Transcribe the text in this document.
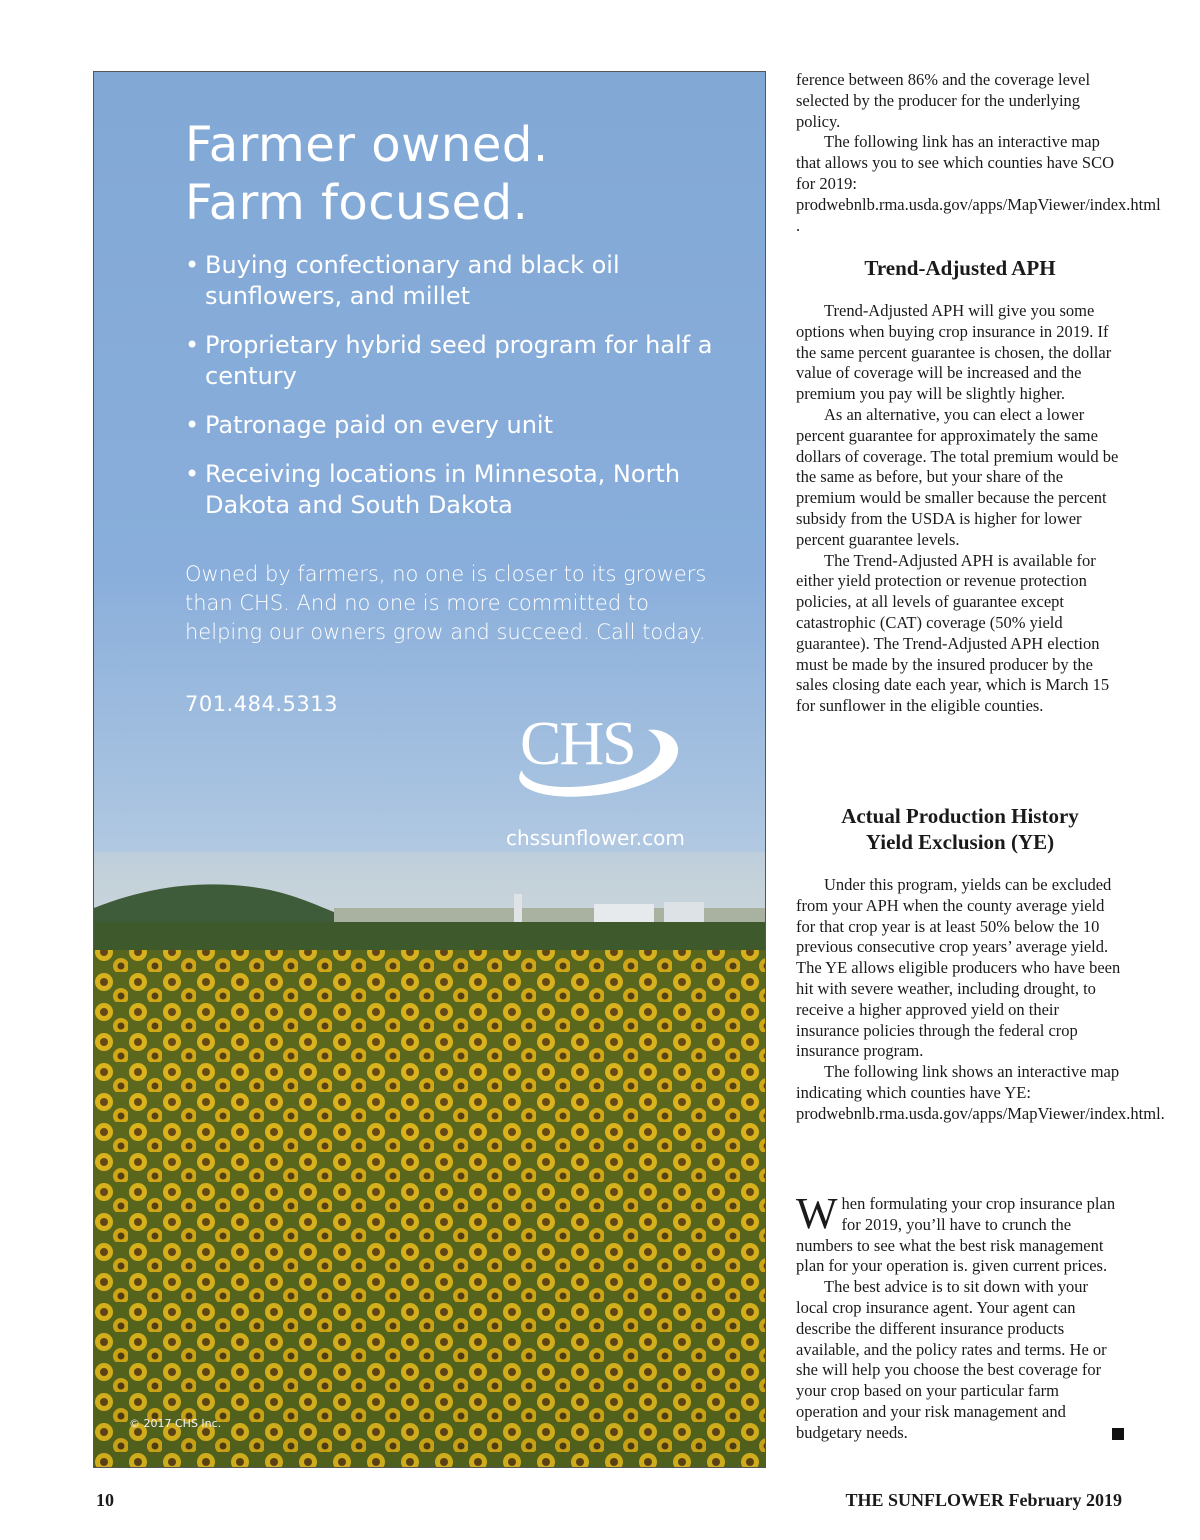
Farmer owned.
Farm focused.
• Buying confectionary and black oil sunflowers, and millet
• Proprietary hybrid seed program for half a century
• Patronage paid on every unit
• Receiving locations in Minnesota, North Dakota and South Dakota

Owned by farmers, no one is closer to its growers than CHS. And no one is more committed to helping our owners grow and succeed. Call today.

701.484.5313

CHS

chssunflower.com

© 2017 CHS Inc.

ference between 86% and the coverage level selected by the producer for the underlying policy.

The following link has an interactive map that allows you to see which counties have SCO for 2019: prodwebnlb.rma.usda.gov/apps/MapViewer/index.html .

Trend-Adjusted APH

Trend-Adjusted APH will give you some options when buying crop insurance in 2019. If the same percent guarantee is chosen, the dollar value of coverage will be increased and the premium you pay will be slightly higher.

As an alternative, you can elect a lower percent guarantee for approximately the same dollars of coverage. The total premium would be the same as before, but your share of the premium would be smaller because the percent subsidy from the USDA is higher for lower percent guarantee levels.

The Trend-Adjusted APH is available for either yield protection or revenue protection policies, at all levels of guarantee except catastrophic (CAT) coverage (50% yield guarantee). The Trend-Adjusted APH election must be made by the insured producer by the sales closing date each year, which is March 15 for sunflower in the eligible counties.

Actual Production History
Yield Exclusion (YE)

Under this program, yields can be excluded from your APH when the county average yield for that crop year is at least 50% below the 10 previous consecutive crop years’ average yield. The YE allows eligible producers who have been hit with severe weather, including drought, to receive a higher approved yield on their insurance policies through the federal crop insurance program.

The following link shows an interactive map indicating which counties have YE: prodwebnlb.rma.usda.gov/apps/MapViewer/index.html.

W hen formulating your crop insurance plan for 2019, you’ll have to crunch the numbers to see what the best risk management plan for your operation is. given current prices.

The best advice is to sit down with your local crop insurance agent. Your agent can describe the different insurance products available, and the policy rates and terms. He or she will help you choose the best coverage for your crop based on your particular farm operation and your risk management and budgetary needs.

10	THE SUNFLOWER February 2019
